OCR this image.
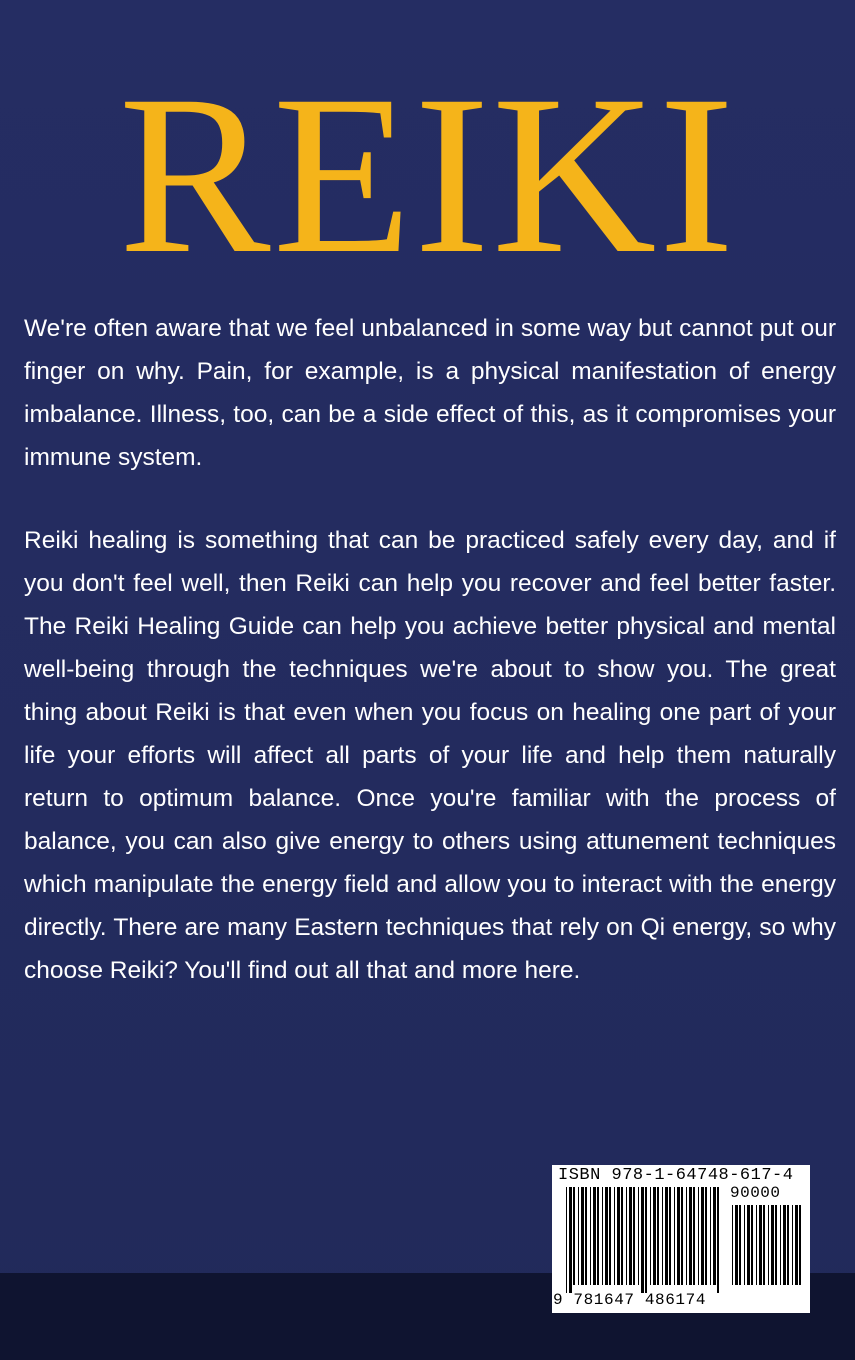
REIKI

We're often aware that we feel unbalanced in some way but cannot put our finger on why. Pain, for example, is a physical manifestation of energy imbalance. Illness, too, can be a side effect of this, as it compromises your immune system.

Reiki healing is something that can be practiced safely every day, and if you don't feel well, then Reiki can help you recover and feel better faster. The Reiki Healing Guide can help you achieve better physical and mental well-being through the techniques we're about to show you. The great thing about Reiki is that even when you focus on healing one part of your life your efforts will affect all parts of your life and help them naturally return to optimum balance. Once you're familiar with the process of balance, you can also give energy to others using attunement techniques which manipulate the energy field and allow you to interact with the energy directly. There are many Eastern techniques that rely on Qi energy, so why choose Reiki? You'll find out all that and more here.

ISBN 978-1-64748-617-4
90000
9 781647 486174
